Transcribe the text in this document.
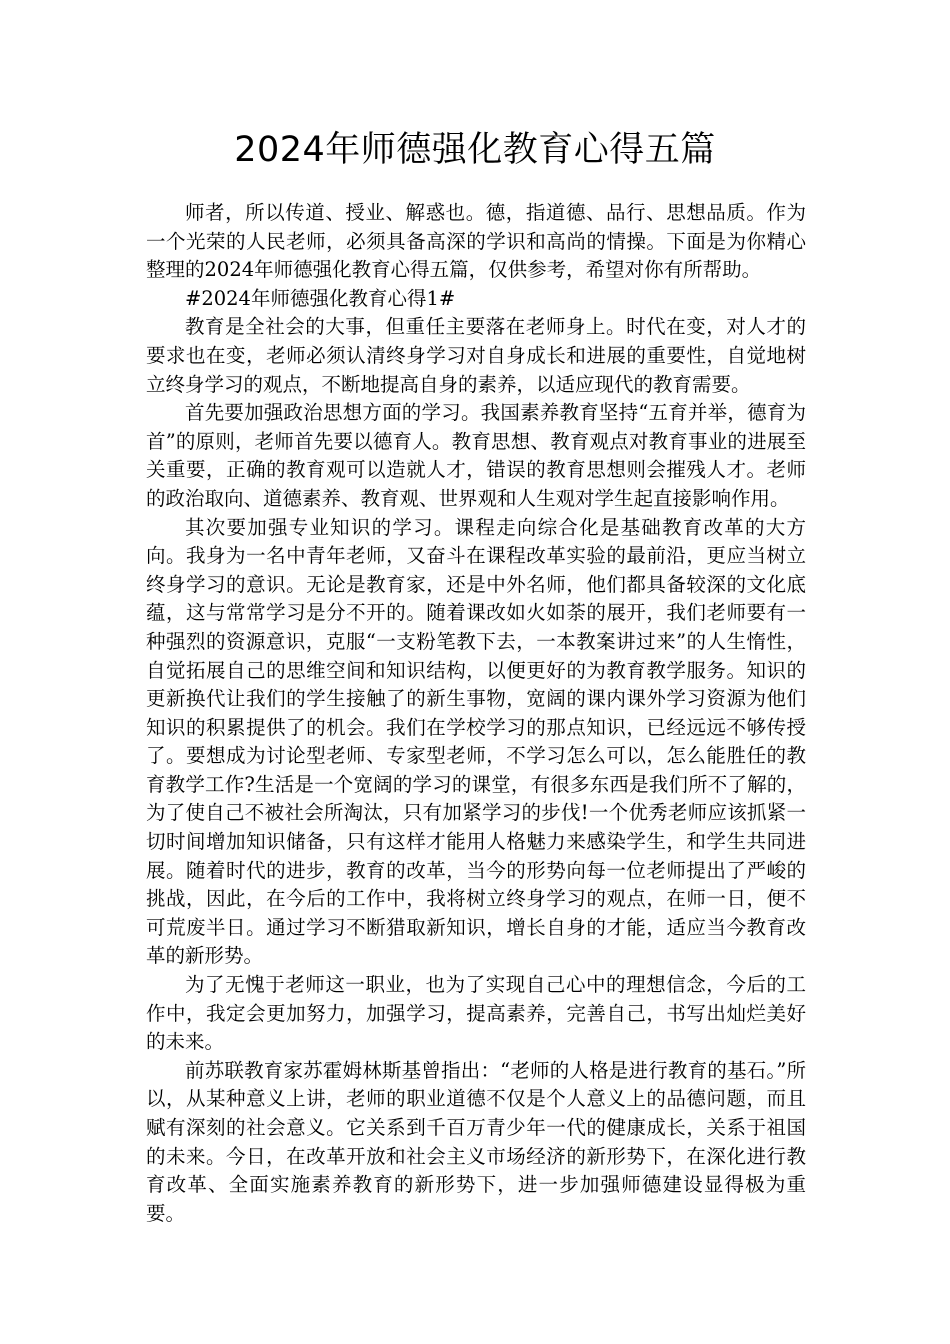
2024年师德强化教育心得五篇

师者，所以传道、授业、解惑也。德，指道德、品行、思想品质。作为一个光荣的人民老师，必须具备高深的学识和高尚的情操。下面是为你精心整理的2024年师德强化教育心得五篇，仅供参考，希望对你有所帮助。

#2024年师德强化教育心得1#

教育是全社会的大事，但重任主要落在老师身上。时代在变，对人才的要求也在变，老师必须认清终身学习对自身成长和进展的重要性，自觉地树立终身学习的观点，不断地提高自身的素养，以适应现代的教育需要。

首先要加强政治思想方面的学习。我国素养教育坚持“五育并举，德育为首”的原则，老师首先要以德育人。教育思想、教育观点对教育事业的进展至关重要，正确的教育观可以造就人才，错误的教育思想则会摧残人才。老师的政治取向、道德素养、教育观、世界观和人生观对学生起直接影响作用。

其次要加强专业知识的学习。课程走向综合化是基础教育改革的大方向。我身为一名中青年老师，又奋斗在课程改革实验的最前沿，更应当树立终身学习的意识。无论是教育家，还是中外名师，他们都具备较深的文化底蕴，这与常常学习是分不开的。随着课改如火如荼的展开，我们老师要有一种强烈的资源意识，克服“一支粉笔教下去，一本教案讲过来”的人生惰性，自觉拓展自己的思维空间和知识结构，以便更好的为教育教学服务。知识的更新换代让我们的学生接触了的新生事物，宽阔的课内课外学习资源为他们知识的积累提供了的机会。我们在学校学习的那点知识，已经远远不够传授了。要想成为讨论型老师、专家型老师，不学习怎么可以，怎么能胜任的教育教学工作?生活是一个宽阔的学习的课堂，有很多东西是我们所不了解的，为了使自己不被社会所淘汰，只有加紧学习的步伐!一个优秀老师应该抓紧一切时间增加知识储备，只有这样才能用人格魅力来感染学生，和学生共同进展。随着时代的进步，教育的改革，当今的形势向每一位老师提出了严峻的挑战，因此，在今后的工作中，我将树立终身学习的观点，在师一日，便不可荒废半日。通过学习不断猎取新知识，增长自身的才能，适应当今教育改革的新形势。

为了无愧于老师这一职业，也为了实现自己心中的理想信念，今后的工作中，我定会更加努力，加强学习，提高素养，完善自己，书写出灿烂美好的未来。

前苏联教育家苏霍姆林斯基曾指出：“老师的人格是进行教育的基石。”所以，从某种意义上讲，老师的职业道德不仅是个人意义上的品德问题，而且赋有深刻的社会意义。它关系到千百万青少年一代的健康成长，关系于祖国的未来。今日，在改革开放和社会主义市场经济的新形势下，在深化进行教育改革、全面实施素养教育的新形势下，进一步加强师德建设显得极为重要。
